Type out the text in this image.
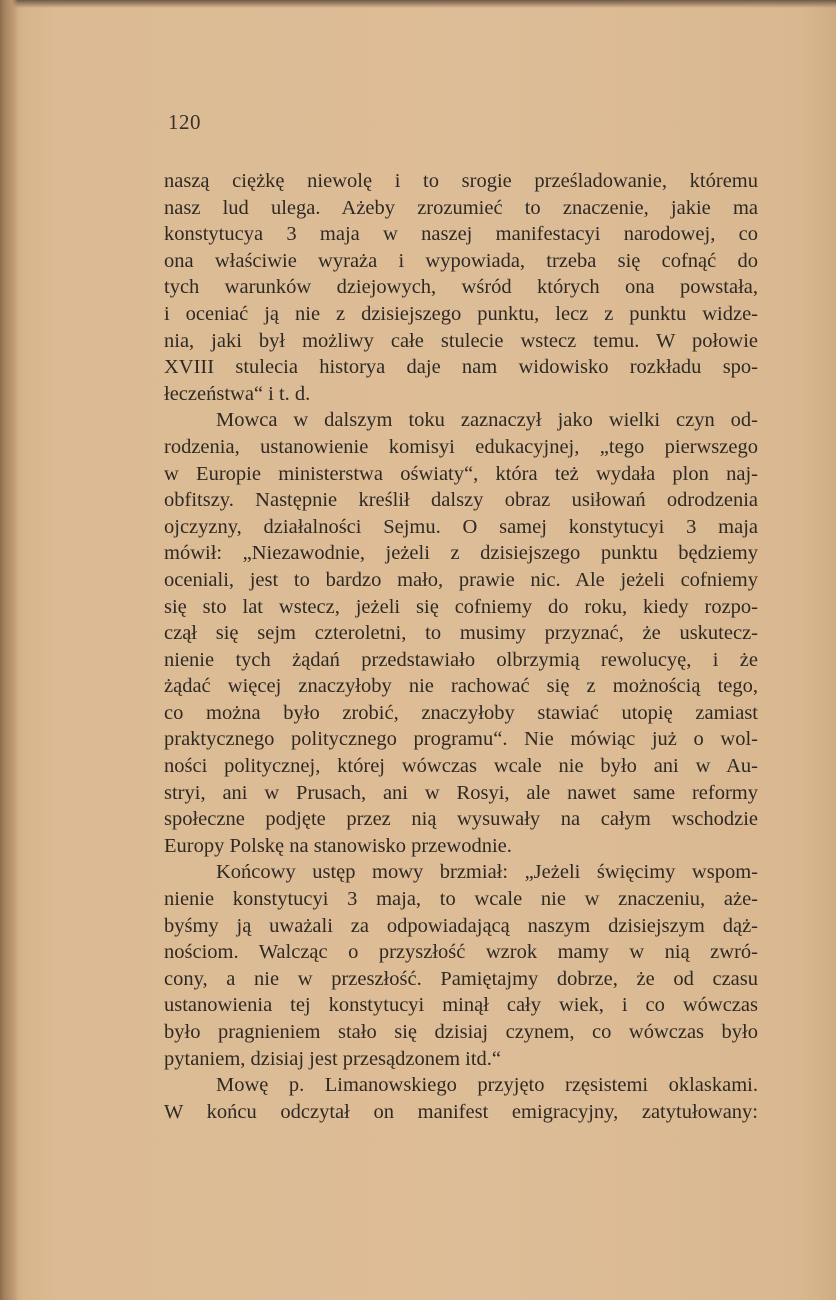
120
naszą ciężkę niewolę i to srogie prześladowanie, któremu
nasz lud ulega. Ażeby zrozumieć to znaczenie, jakie ma
konstytucya 3 maja w naszej manifestacyi narodowej, co
ona właściwie wyraża i wypowiada, trzeba się cofnąć do
tych warunków dziejowych, wśród których ona powstała,
i oceniać ją nie z dzisiejszego punktu, lecz z punktu widze-
nia, jaki był możliwy całe stulecie wstecz temu. W połowie
XVIII stulecia historya daje nam widowisko rozkładu spo-
łeczeństwa“ i t. d.
Mowca w dalszym toku zaznaczył jako wielki czyn od-
rodzenia, ustanowienie komisyi edukacyjnej, „tego pierwszego
w Europie ministerstwa oświaty“, która też wydała plon naj-
obfitszy. Następnie kreślił dalszy obraz usiłowań odrodzenia
ojczyzny, działalności Sejmu. O samej konstytucyi 3 maja
mówił: „Niezawodnie, jeżeli z dzisiejszego punktu będziemy
oceniali, jest to bardzo mało, prawie nic. Ale jeżeli cofniemy
się sto lat wstecz, jeżeli się cofniemy do roku, kiedy rozpo-
czął się sejm czteroletni, to musimy przyznać, że uskutecz-
nienie tych żądań przedstawiało olbrzymią rewolucyę, i że
żądać więcej znaczyłoby nie rachować się z możnością tego,
co można było zrobić, znaczyłoby stawiać utopię zamiast
praktycznego politycznego programu“. Nie mówiąc już o wol-
ności politycznej, której wówczas wcale nie było ani w Au-
stryi, ani w Prusach, ani w Rosyi, ale nawet same reformy
społeczne podjęte przez nią wysuwały na całym wschodzie
Europy Polskę na stanowisko przewodnie.
Końcowy ustęp mowy brzmiał: „Jeżeli święcimy wspom-
nienie konstytucyi 3 maja, to wcale nie w znaczeniu, aże-
byśmy ją uważali za odpowiadającą naszym dzisiejszym dąż-
nościom. Walcząc o przyszłość wzrok mamy w nią zwró-
cony, a nie w przeszłość. Pamiętajmy dobrze, że od czasu
ustanowienia tej konstytucyi minął cały wiek, i co wówczas
było pragnieniem stało się dzisiaj czynem, co wówczas było
pytaniem, dzisiaj jest przesądzonem itd.“
Mowę p. Limanowskiego przyjęto rzęsistemi oklaskami.
W końcu odczytał on manifest emigracyjny, zatytułowany:
